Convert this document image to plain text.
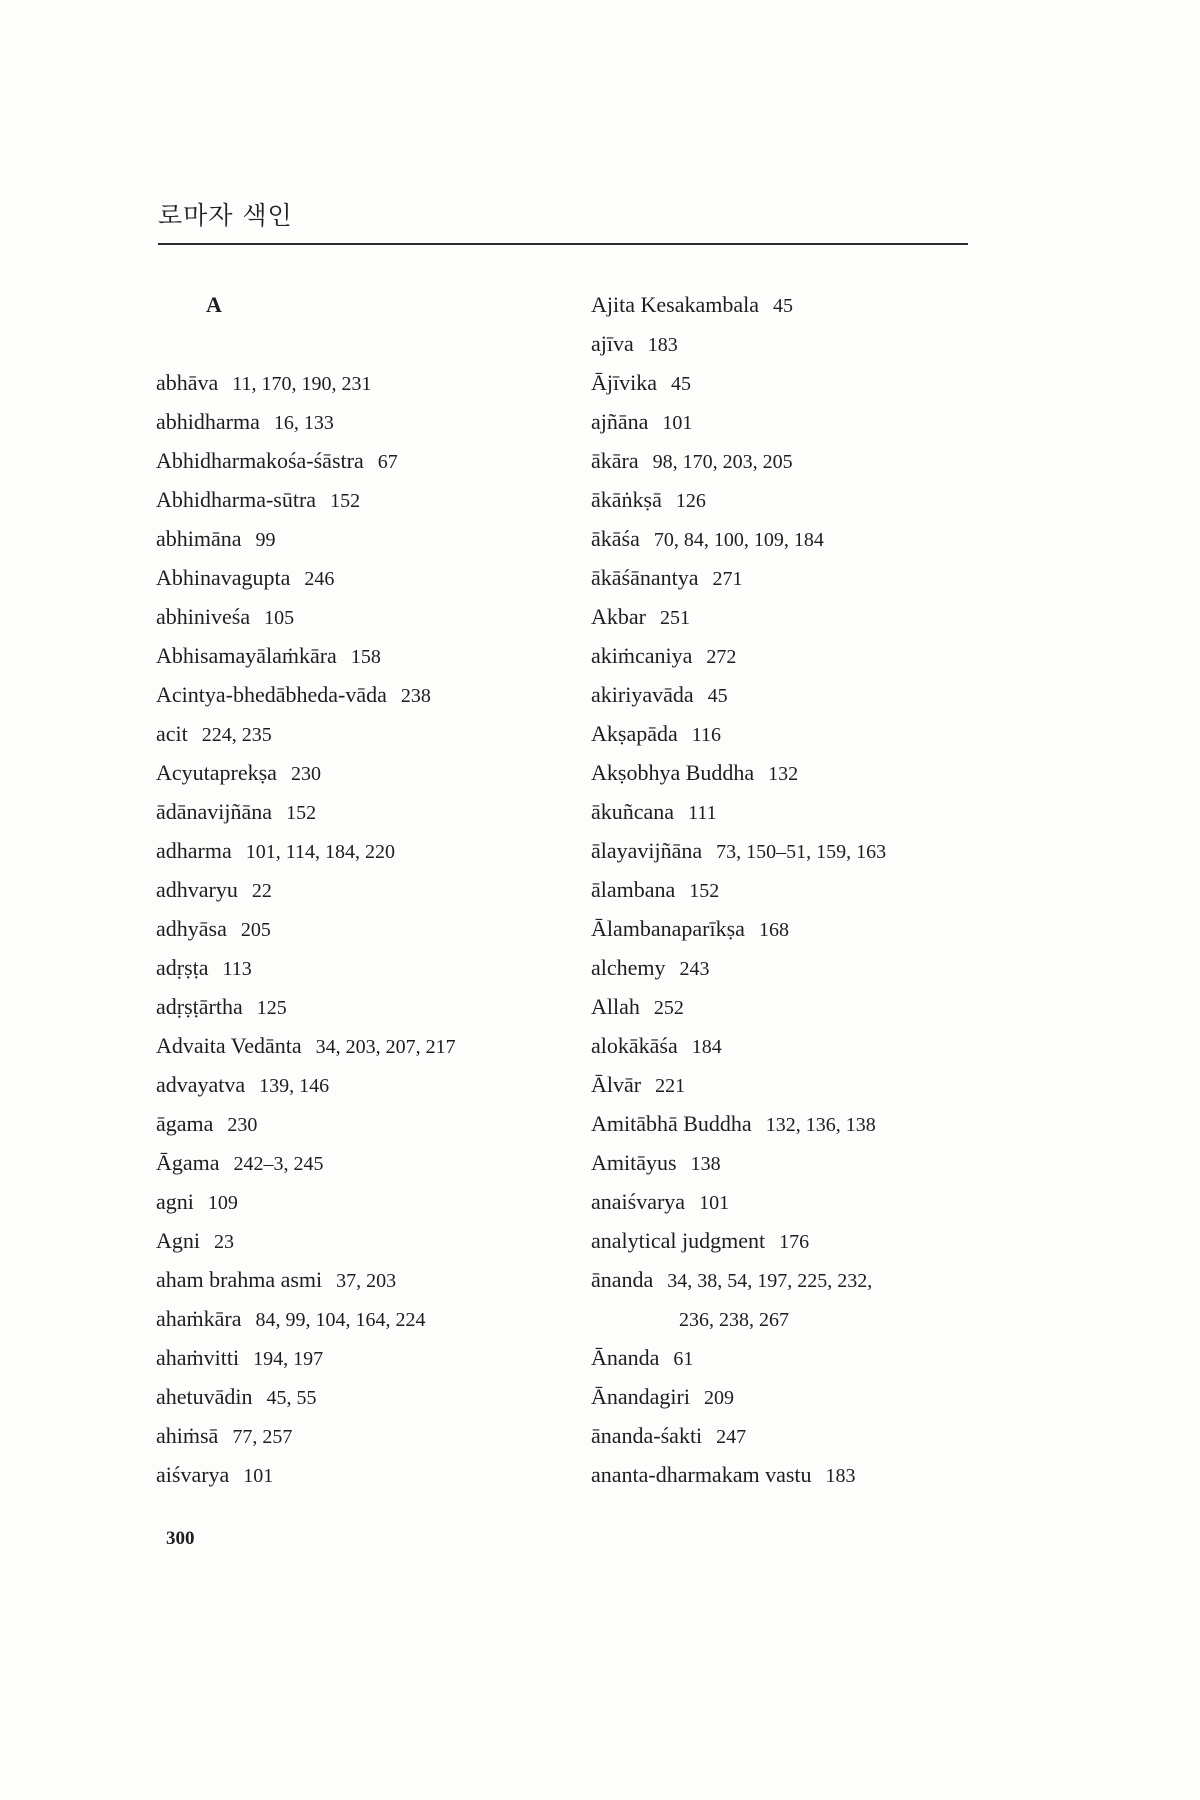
로마자 색인
A
abhāva 11, 170, 190, 231
abhidharma 16, 133
Abhidharmakośa-śāstra 67
Abhidharma-sūtra 152
abhimāna 99
Abhinavagupta 246
abhiniveśa 105
Abhisamayālaṁkāra 158
Acintya-bhedābheda-vāda 238
acit 224, 235
Acyutaprekṣa 230
ādānavijñāna 152
adharma 101, 114, 184, 220
adhvaryu 22
adhyāsa 205
adṛṣṭa 113
adṛṣṭārtha 125
Advaita Vedānta 34, 203, 207, 217
advayatva 139, 146
āgama 230
Āgama 242–3, 245
agni 109
Agni 23
aham brahma asmi 37, 203
ahaṁkāra 84, 99, 104, 164, 224
ahaṁvitti 194, 197
ahetuvādin 45, 55
ahiṁsā 77, 257
aiśvarya 101
Ajita Kesakambala 45
ajīva 183
Ājīvika 45
ajñāna 101
ākāra 98, 170, 203, 205
ākāṅkṣā 126
ākāśa 70, 84, 100, 109, 184
ākāśānantya 271
Akbar 251
akiṁcaniya 272
akiriyavāda 45
Akṣapāda 116
Akṣobhya Buddha 132
ākuñcana 111
ālayavijñāna 73, 150–51, 159, 163
ālambana 152
Ālambanaparīkṣa 168
alchemy 243
Allah 252
alokākāśa 184
Ālvār 221
Amitābhā Buddha 132, 136, 138
Amitāyus 138
anaiśvarya 101
analytical judgment 176
ānanda 34, 38, 54, 197, 225, 232,
236, 238, 267
Ānanda 61
Ānandagiri 209
ānanda-śakti 247
ananta-dharmakam vastu 183
300
